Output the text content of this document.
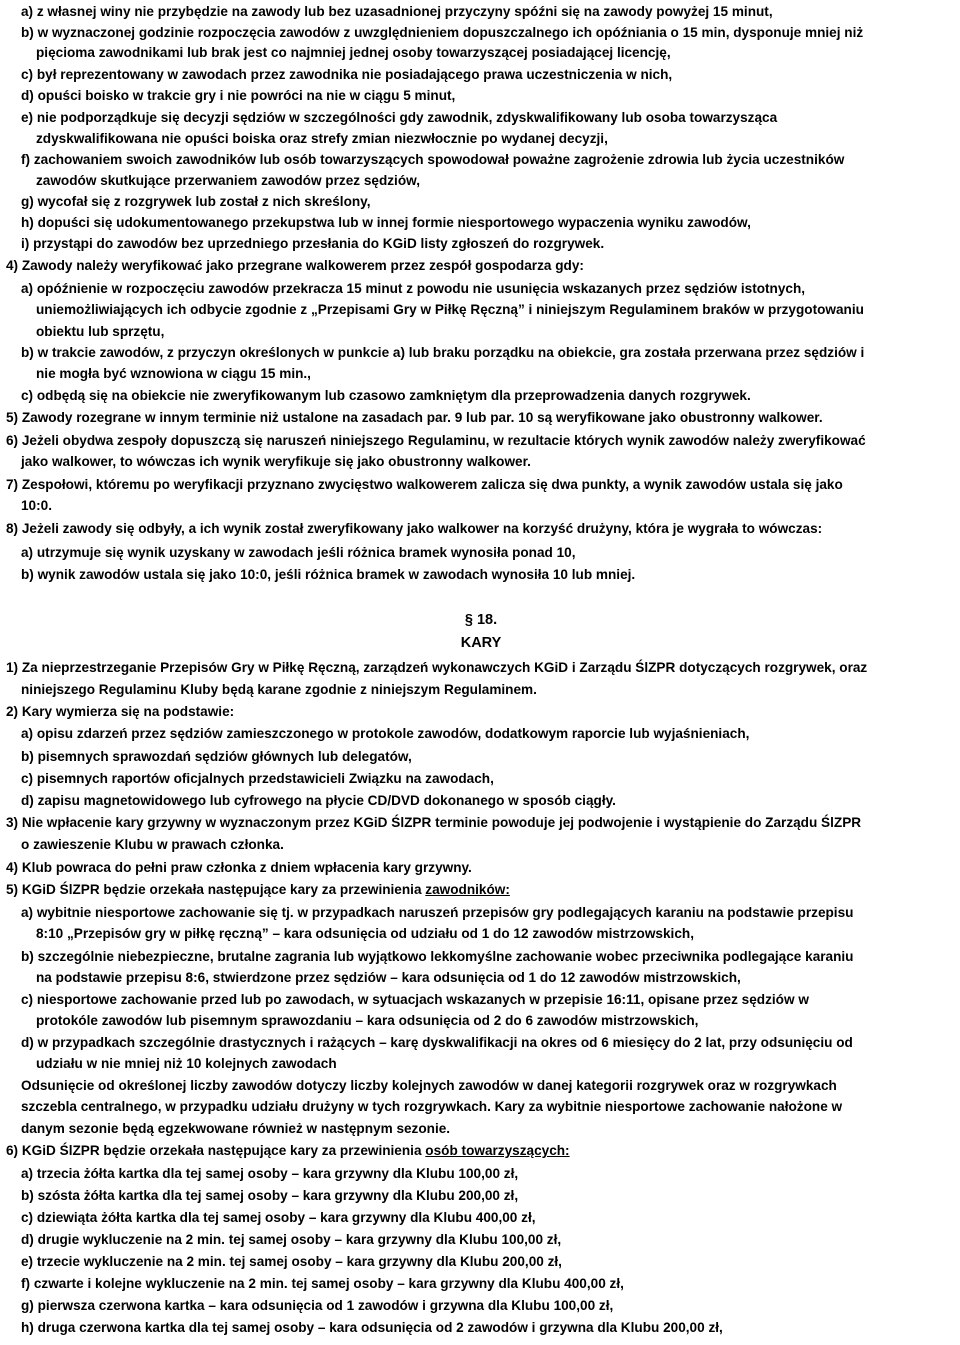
a) z własnej winy nie przybędzie na zawody lub bez uzasadnionej przyczyny spóźni się na zawody powyżej 15 minut,
b) w wyznaczonej godzinie rozpoczęcia zawodów z uwzględnieniem dopuszczalnego ich opóźniania o 15 min, dysponuje mniej niż
pięcioma zawodnikami lub brak jest co najmniej jednej osoby towarzyszącej posiadającej licencję,
c) był reprezentowany w zawodach przez zawodnika nie posiadającego prawa uczestniczenia w nich,
d) opuści boisko w trakcie gry i nie powróci na nie w ciągu 5 minut,
e) nie podporządkuje się decyzji sędziów w szczególności gdy zawodnik, zdyskwalifikowany lub osoba towarzysząca
zdyskwalifikowana nie opuści boiska oraz strefy zmian niezwłocznie po wydanej decyzji,
f) zachowaniem swoich zawodników lub osób towarzyszących spowodował poważne zagrożenie zdrowia lub życia uczestników
zawodów skutkujące przerwaniem zawodów przez sędziów,
g) wycofał się z rozgrywek lub został z nich skreślony,
h) dopuści się udokumentowanego przekupstwa lub w innej formie niesportowego wypaczenia wyniku zawodów,
i) przystąpi do zawodów bez uprzedniego przesłania do KGiD listy zgłoszeń do rozgrywek.
4) Zawody należy weryfikować jako przegrane walkowerem przez zespół gospodarza gdy:
a) opóźnienie w rozpoczęciu zawodów przekracza 15 minut z powodu nie usunięcia wskazanych przez sędziów istotnych,
uniemożliwiających ich odbycie zgodnie z „Przepisami Gry w Piłkę Ręczną” i niniejszym Regulaminem braków w przygotowaniu
obiektu lub sprzętu,
b) w trakcie zawodów, z przyczyn określonych w punkcie a) lub braku porządku na obiekcie, gra została przerwana przez sędziów i
nie mogła być wznowiona w ciągu 15 min.,
c) odbędą się na obiekcie nie zweryfikowanym lub czasowo zamkniętym dla przeprowadzenia danych rozgrywek.
5) Zawody rozegrane w innym terminie niż ustalone na zasadach par. 9 lub par. 10 są weryfikowane jako obustronny walkower.
6) Jeżeli obydwa zespoły dopuszczą się naruszeń niniejszego Regulaminu, w rezultacie których wynik zawodów należy zweryfikować
jako walkower, to wówczas ich wynik weryfikuje się jako obustronny walkower.
7) Zespołowi, któremu po weryfikacji przyznano zwycięstwo walkowerem zalicza się dwa punkty, a wynik zawodów ustala się jako
10:0.
8) Jeżeli zawody się odbyły, a ich wynik został zweryfikowany jako walkower na korzyść drużyny, która je wygrała to wówczas:
a) utrzymuje się wynik uzyskany w zawodach jeśli różnica bramek wynosiła ponad 10,
b) wynik zawodów ustala się jako 10:0, jeśli różnica bramek w zawodach wynosiła 10 lub mniej.
§ 18.
KARY
1) Za nieprzestrzeganie Przepisów Gry w Piłkę Ręczną, zarządzeń wykonawczych KGiD i Zarządu ŚlZPR dotyczących rozgrywek, oraz
niniejszego Regulaminu Kluby będą karane zgodnie z niniejszym Regulaminem.
2) Kary wymierza się na podstawie:
a) opisu zdarzeń przez sędziów zamieszczonego w protokole zawodów, dodatkowym raporcie lub wyjaśnieniach,
b) pisemnych sprawozdań sędziów głównych lub delegatów,
c) pisemnych raportów oficjalnych przedstawicieli Związku na zawodach,
d) zapisu magnetowidowego lub cyfrowego na płycie CD/DVD dokonanego w sposób ciągły.
3) Nie wpłacenie kary grzywny w wyznaczonym przez KGiD ŚlZPR terminie powoduje jej podwojenie i wystąpienie do Zarządu ŚlZPR
o zawieszenie Klubu w prawach członka.
4) Klub powraca do pełni praw członka z dniem wpłacenia kary grzywny.
5) KGiD ŚlZPR będzie orzekała następujące kary za przewinienia zawodników:
a) wybitnie niesportowe zachowanie się tj. w przypadkach naruszeń przepisów gry podlegających karaniu na podstawie przepisu
8:10 „Przepisów gry w piłkę ręczną” – kara odsunięcia od udziału od 1 do 12 zawodów mistrzowskich,
b) szczególnie niebezpieczne, brutalne zagrania lub wyjątkowo lekkomyślne zachowanie wobec przeciwnika podlegające karaniu
na podstawie przepisu 8:6, stwierdzone przez sędziów – kara odsunięcia od 1 do 12 zawodów mistrzowskich,
c) niesportowe zachowanie przed lub po zawodach, w sytuacjach wskazanych w przepisie 16:11, opisane przez sędziów w
protokóle zawodów lub pisemnym sprawozdaniu – kara odsunięcia od 2 do 6 zawodów mistrzowskich,
d) w przypadkach szczególnie drastycznych i rażących – karę dyskwalifikacji na okres od 6 miesięcy do 2 lat, przy odsunięciu od
udziału w nie mniej niż 10 kolejnych zawodach
Odsunięcie od określonej liczby zawodów dotyczy liczby kolejnych zawodów w danej kategorii rozgrywek oraz w rozgrywkach
szczebla centralnego, w przypadku udziału drużyny w tych rozgrywkach. Kary za wybitnie niesportowe zachowanie nałożone w
danym sezonie będą egzekwowane również w następnym sezonie.
6) KGiD ŚlZPR będzie orzekała następujące kary za przewinienia osób towarzyszących:
a) trzecia żółta kartka dla tej samej osoby – kara grzywny dla Klubu 100,00 zł,
b) szósta żółta kartka dla tej samej osoby – kara grzywny dla Klubu 200,00 zł,
c) dziewiąta żółta kartka dla tej samej osoby – kara grzywny dla Klubu 400,00 zł,
d) drugie wykluczenie na 2 min. tej samej osoby – kara grzywny dla Klubu 100,00 zł,
e) trzecie wykluczenie na 2 min. tej samej osoby – kara grzywny dla Klubu 200,00 zł,
f) czwarte i kolejne wykluczenie na 2 min. tej samej osoby – kara grzywny dla Klubu 400,00 zł,
g) pierwsza czerwona kartka – kara odsunięcia od 1 zawodów i grzywna dla Klubu 100,00 zł,
h) druga czerwona kartka dla tej samej osoby – kara odsunięcia od 2 zawodów i grzywna dla Klubu 200,00 zł,
